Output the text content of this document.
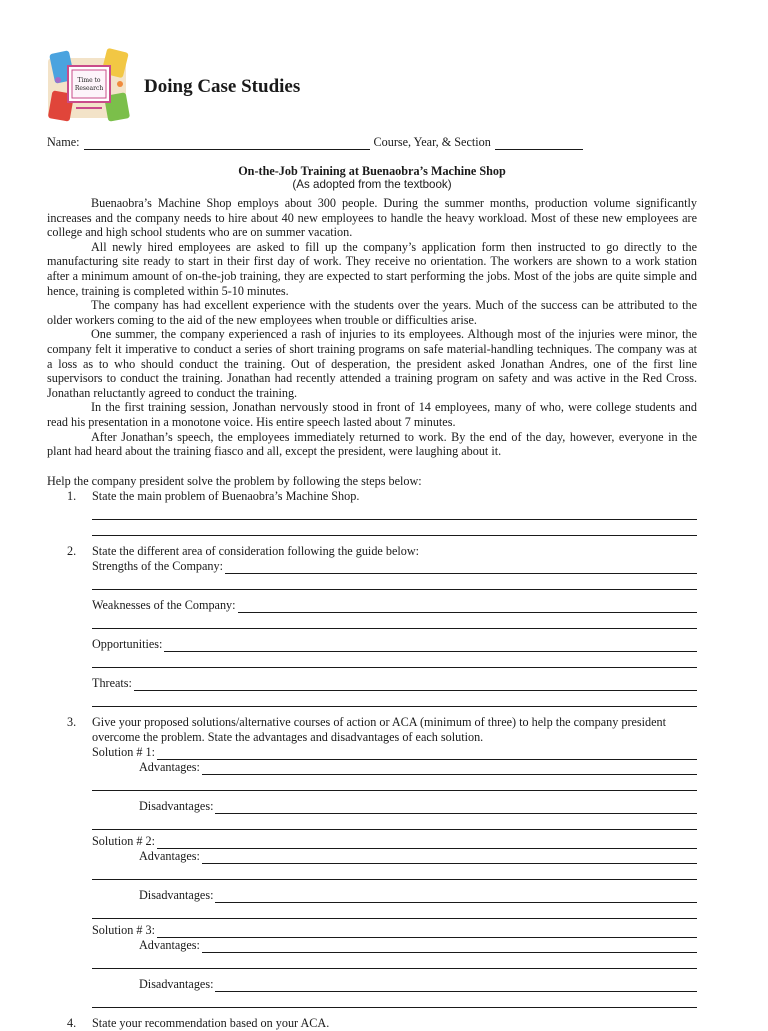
Time to
Research Doing Case Studies
Name:	Course, Year, & Section
On-the-Job Training at Buenaobra’s Machine Shop
(As adopted from the textbook)

Buenaobra’s Machine Shop employs about 300 people. During the summer months, production volume significantly increases and the company needs to hire about 40 new employees to handle the heavy workload. Most of these new employees are college and high school students who are on summer vacation.

All newly hired employees are asked to fill up the company’s application form then instructed to go directly to the manufacturing site ready to start in their first day of work. They receive no orientation. The workers are shown to a work station after a minimum amount of on-the-job training, they are expected to start performing the jobs. Most of the jobs are quite simple and hence, training is completed within 5-10 minutes.

The company has had excellent experience with the students over the years. Much of the success can be attributed to the older workers coming to the aid of the new employees when trouble or difficulties arise.

One summer, the company experienced a rash of injuries to its employees. Although most of the injuries were minor, the company felt it imperative to conduct a series of short training programs on safe material-handling techniques. The company was at a loss as to who should conduct the training. Out of desperation, the president asked Jonathan Andres, one of the first line supervisors to conduct the training. Jonathan had recently attended a training program on safety and was active in the Red Cross. Jonathan reluctantly agreed to conduct the training.

In the first training session, Jonathan nervously stood in front of 14 employees, many of who, were college students and read his presentation in a monotone voice. His entire speech lasted about 7 minutes.

After Jonathan’s speech, the employees immediately returned to work. By the end of the day, however, everyone in the plant had heard about the training fiasco and all, except the president, were laughing about it.

Help the company president solve the problem by following the steps below:
1.	State the main problem of Buenaobra’s Machine Shop.
2.	State the different area of consideration following the guide below:
Strengths of the Company:
Weaknesses of the Company:
Opportunities:
Threats:
3.	Give your proposed solutions/alternative courses of action or ACA (minimum of three) to help the company president overcome the problem. State the advantages and disadvantages of each solution.
Solution # 1:
Advantages:
Disadvantages:
Solution # 2:
Advantages:
Disadvantages:
Solution # 3:
Advantages:
Disadvantages:
4.	State your recommendation based on your ACA.
